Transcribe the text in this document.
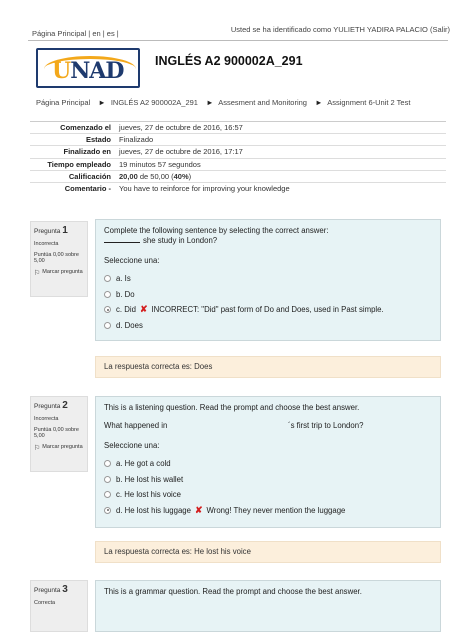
Página Principal | en | es |	Usted se ha identificado como YULIETH YADIRA PALACIO (Salir)
UNAD	INGLÉS A2 900002A_291
Página Principal ► INGLÉS A2 900002A_291 ► Assesment and Monitoring ► Assignment 6-Unit 2 Test
Comenzado el	jueves, 27 de octubre de 2016, 16:57
Estado	Finalizado
Finalizado en	jueves, 27 de octubre de 2016, 17:17
Tiempo empleado	19 minutos 57 segundos
Calificación	20,00 de 50,00 (40%)
Comentario -	You have to reinforce for improving your knowledge
Pregunta 1
Incorrecta
Puntúa 0,00 sobre 5,00
⚐ Marcar pregunta
Complete the following sentence by selecting the correct answer:
she study in London?
Seleccione una:
a. Is
b. Do
c. Did ✘ INCORRECT: "Did" past form of Do and Does, used in Past simple.
d. Does
La respuesta correcta es: Does
Pregunta 2
Incorrecta
Puntúa 0,00 sobre 5,00
⚐ Marcar pregunta
This is a listening question. Read the prompt and choose the best answer.
What happened in	´s first trip to London?
Seleccione una:
a. He got a cold
b. He lost his wallet
c. He lost his voice
d. He lost his luggage ✘ Wrong! They never mention the luggage
La respuesta correcta es: He lost his voice
Pregunta 3
Correcta
This is a grammar question. Read the prompt and choose the best answer.
